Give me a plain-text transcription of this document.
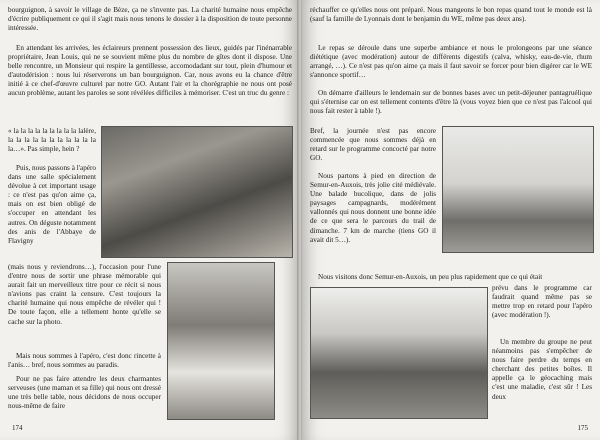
bourguignon, à savoir le village de Bèze, ça ne s'invente pas. La charité humaine nous empêche d'écrire publiquement ce qui il s'agit mais nous tenons le dossier à la disposition de toute personne intéressée.

En attendant les arrivées, les éclaireurs prennent possession des lieux, guidés par l'inénarrable propriétaire, Jean Louis, qui ne se souvient même plus du nombre de gîtes dont il dispose. Une belle rencontre, un Monsieur qui respire la gentillesse, accomodadant sur tout, plein d'humour et d'autodérision : nous lui réserverons un ban bourguignon. Car, nous avons eu la chance d'être initié à ce chef-d'œuvre culturel par notre GO. Autant l'air et la chorégraphie ne nous ont posé aucun problème, autant les paroles se sont révélées difficiles à mémoriser. C'est un truc du genre :

« la la la la la la la la la lalère, la la la la la la la la la la la la…». Pas simple, hein ?

Puis, nous passons à l'apéro dans une salle spécialement dévolue à cet important usage : ce n'est pas qu'on aime ça, mais on est bien obligé de s'occuper en attendant les autres. On déguste notamment des anis de l'Abbaye de Flavigny

(mais nous y reviendrons…), l'occasion pour l'une d'entre nous de sortir une phrase mémorable qui aurait fait un merveilleux titre pour ce récit si nous n'avions pas craint la censure. C'est toujours la charité humaine qui nous empêche de révéler qui ! De toute façon, elle a tellement honte qu'elle se cache sur la photo.

Mais nous sommes à l'apéro, c'est donc rincette à l'anis… bref, nous sommes au paradis.

Pour ne pas faire attendre les deux charmantes serveuses (une maman et sa fille) qui nous ont dressé une très belle table, nous décidons de nous occuper nous-même de faire

174

réchauffer ce qu'elles nous ont préparé. Nous mangeons le bon repas quand tout le monde est là (sauf la famille de Lyonnais dont le benjamin du WE, même pas deux ans).

Le repas se déroule dans une superbe ambiance et nous le prolongeons par une séance diététique (avec modération) autour de différents digestifs (calva, whisky, eau-de-vie, rhum arrangé, …). Ce n'est pas qu'on aime ça mais il faut savoir se forcer pour bien digérer car le WE s'annonce sportif…

On démarre d'ailleurs le lendemain sur de bonnes bases avec un petit-déjeuner pantagruélique qui s'éternise car on est tellement contents d'être là (vous voyez bien que ce n'est pas l'alcool qui nous fait rester à table !).

Bref, la journée n'est pas encore commencée que nous sommes déjà en retard sur le programme concocté par notre GO.

Nous partons à pied en direction de Semur-en-Auxois, très jolie cité médiévale. Une balade bucolique, dans de jolis paysages campagnards, modérément vallonnés qui nous donnent une bonne idée de ce que sera le parcours du trail de dimanche. 7 km de marche (tiens GO il avait dit 5…).

Nous visitons donc Semur-en-Auxois, un peu plus rapidement que ce qui était

prévu dans le programme car faudrait quand même pas se mettre trop en retard pour l'apéro (avec modération !).

Un membre du groupe ne peut néanmoins pas s'empêcher de nous faire perdre du temps en cherchant des petites boîtes. Il appelle ça le géocaching mais c'est une maladie, c'est sûr ! Les deux

175
